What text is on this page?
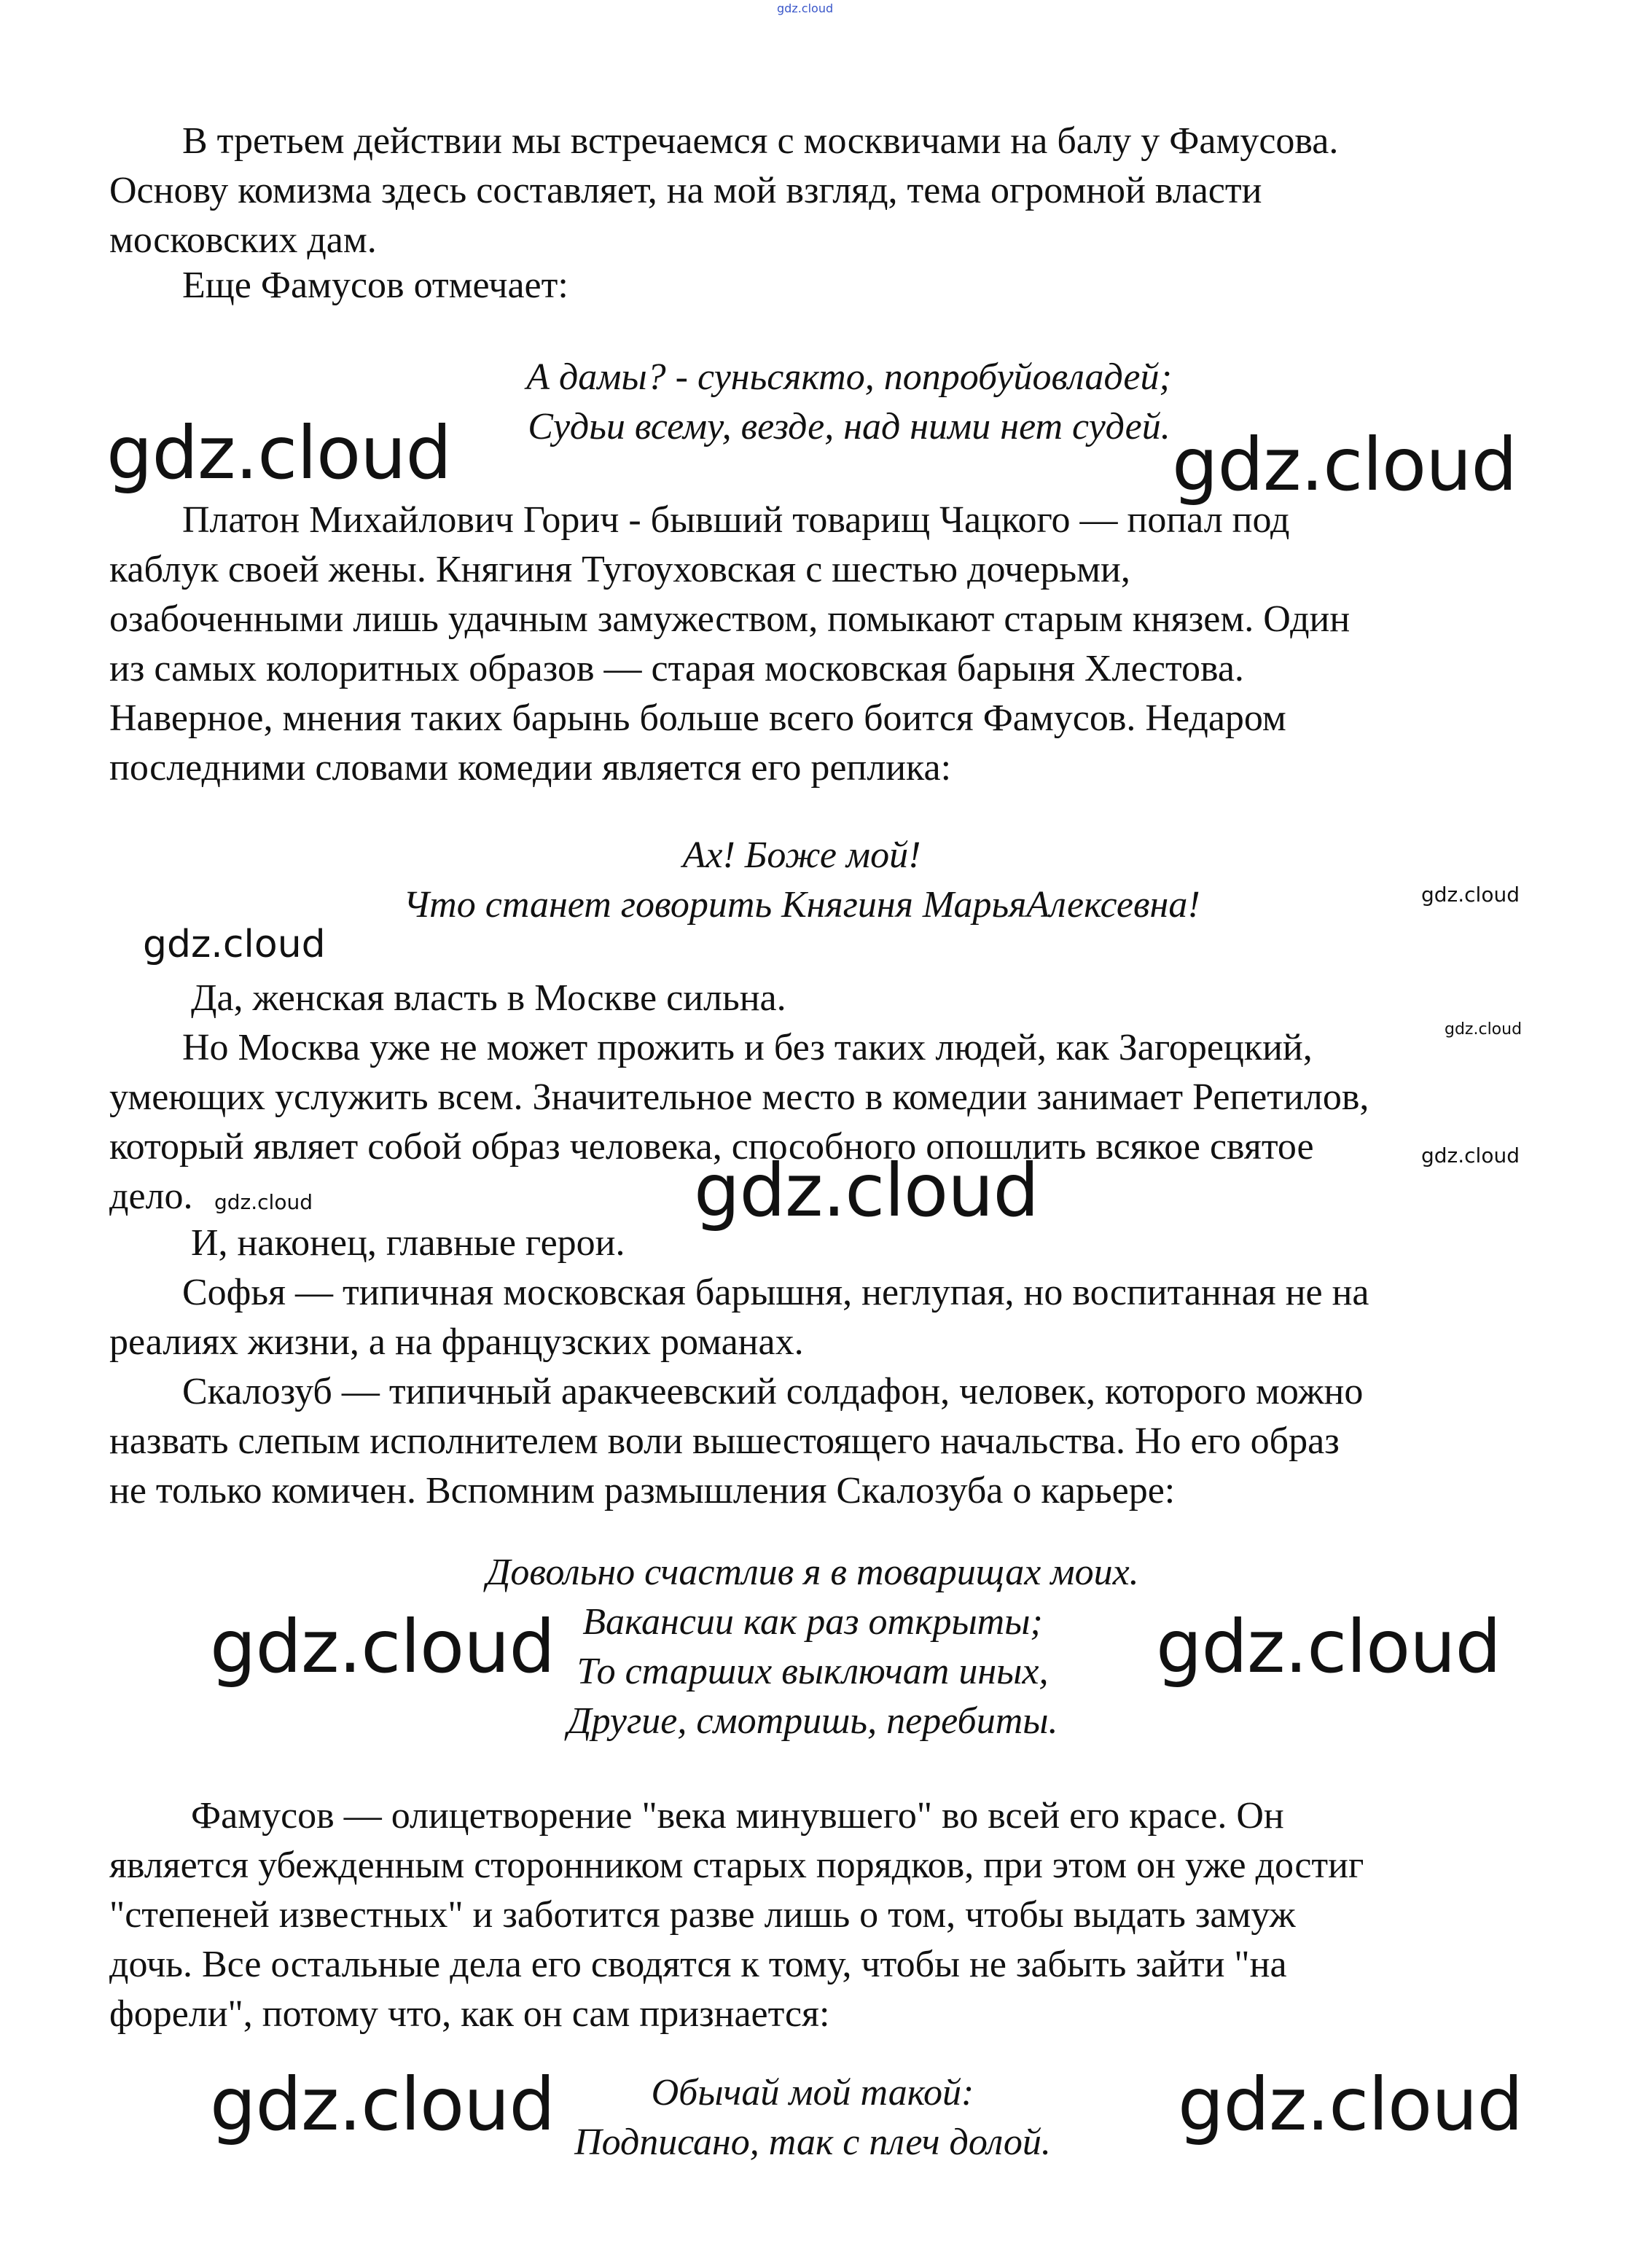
gdz.cloud
В третьем действии мы встречаемся с москвичами на балу у Фамусова.
Основу комизма здесь составляет, на мой взгляд, тема огромной власти
московских дам.
Еще Фамусов отмечает:
А дамы? - суньсякто, попробуйовладей;
Судьи всему, везде, над ними нет судей.
Платон Михайлович Горич - бывший товарищ Чацкого — попал под
каблук своей жены. Княгиня Тугоуховская с шестью дочерьми,
озабоченными лишь удачным замужеством, помыкают старым князем. Один
из самых колоритных образов — старая московская барыня Хлестова.
Наверное, мнения таких барынь больше всего боится Фамусов. Недаром
последними словами комедии является его реплика:
Ах! Боже мой!
Что станет говорить Княгиня МарьяАлексевна!
Да, женская власть в Москве сильна.
Но Москва уже не может прожить и без таких людей, как Загорецкий,
умеющих услужить всем. Значительное место в комедии занимает Репетилов,
который являет собой образ человека, способного опошлить всякое святое
дело.
И, наконец, главные герои.
Софья — типичная московская барышня, неглупая, но воспитанная не на
реалиях жизни, а на французских романах.
Скалозуб — типичный аракчеевский солдафон, человек, которого можно
назвать слепым исполнителем воли вышестоящего начальства. Но его образ
не только комичен. Вспомним размышления Скалозуба о карьере:
Довольно счастлив я в товарищах моих.
Вакансии как раз открыты;
То старших выключат иных,
Другие, смотришь, перебиты.
Фамусов — олицетворение "века минувшего" во всей его красе. Он
является убежденным сторонником старых порядков, при этом он уже достиг
"степеней известных" и заботится разве лишь о том, чтобы выдать замуж
дочь. Все остальные дела его сводятся к тому, чтобы не забыть зайти "на
форели", потому что, как он сам признается:
Обычай мой такой:
Подписано, так с плеч долой.
gdz.cloud	gdz.cloud
gdz.cloud
gdz.cloud
gdz.cloud
gdz.cloud
gdz.cloud	gdz.cloud
gdz.cloud	gdz.cloud
gdz.cloud	gdz.cloud
